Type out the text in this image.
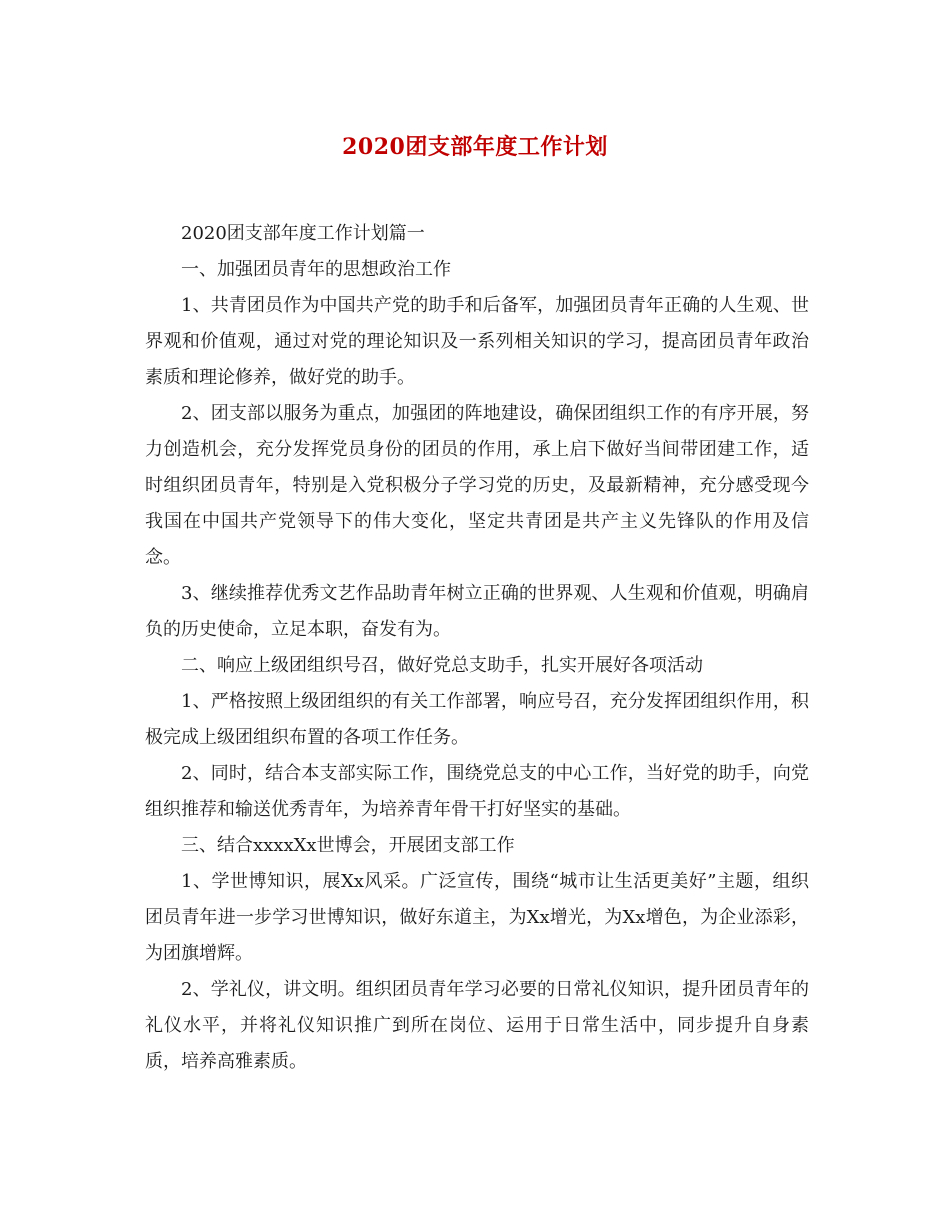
2020团支部年度工作计划

2020团支部年度工作计划篇一

一、加强团员青年的思想政治工作

1、共青团员作为中国共产党的助手和后备军，加强团员青年正确的人生观、世界观和价值观，通过对党的理论知识及一系列相关知识的学习，提高团员青年政治素质和理论修养，做好党的助手。

2、团支部以服务为重点，加强团的阵地建设，确保团组织工作的有序开展，努力创造机会，充分发挥党员身份的团员的作用，承上启下做好当间带团建工作，适时组织团员青年，特别是入党积极分子学习党的历史，及最新精神，充分感受现今我国在中国共产党领导下的伟大变化，坚定共青团是共产主义先锋队的作用及信念。

3、继续推荐优秀文艺作品助青年树立正确的世界观、人生观和价值观，明确肩负的历史使命，立足本职，奋发有为。

二、响应上级团组织号召，做好党总支助手，扎实开展好各项活动

1、严格按照上级团组织的有关工作部署，响应号召，充分发挥团组织作用，积极完成上级团组织布置的各项工作任务。

2、同时，结合本支部实际工作，围绕党总支的中心工作，当好党的助手，向党组织推荐和输送优秀青年，为培养青年骨干打好坚实的基础。

三、结合xxxxXx世博会，开展团支部工作

1、学世博知识，展Xx风采。广泛宣传，围绕“城市让生活更美好”主题，组织团员青年进一步学习世博知识，做好东道主，为Xx增光，为Xx增色，为企业添彩，为团旗增辉。

2、学礼仪，讲文明。组织团员青年学习必要的日常礼仪知识，提升团员青年的礼仪水平，并将礼仪知识推广到所在岗位、运用于日常生活中，同步提升自身素质，培养高雅素质。
